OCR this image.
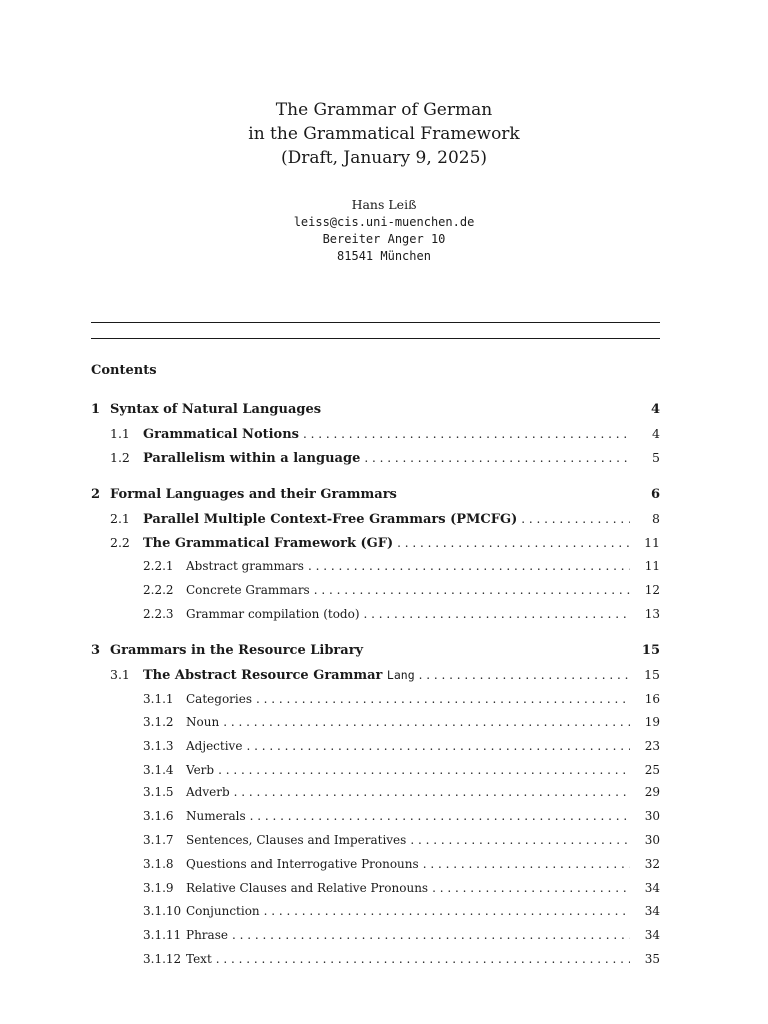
The Grammar of German
in the Grammatical Framework
(Draft, January 9, 2025)
Hans Leiß
leiss@cis.uni-muenchen.de
Bereiter Anger 10
81541 München
Contents
1 Syntax of Natural Languages	4
1.1	Grammatical Notions . . .	4
1.2	Parallelism within a language . . .	5
2 Formal Languages and their Grammars	6
2.1	Parallel Multiple Context-Free Grammars (PMCFG) . . .	8
2.2	The Grammatical Framework (GF) . . .	11
2.2.1	Abstract grammars . . .	11
2.2.2	Concrete Grammars . . .	12
2.2.3	Grammar compilation (todo) . . .	13
3 Grammars in the Resource Library	15
3.1	The Abstract Resource Grammar Lang . . .	15
3.1.1	Categories . . .	16
3.1.2	Noun . . .	19
3.1.3	Adjective . . .	23
3.1.4	Verb . . .	25
3.1.5	Adverb . . .	29
3.1.6	Numerals . . .	30
3.1.7	Sentences, Clauses and Imperatives . . .	30
3.1.8	Questions and Interrogative Pronouns . . .	32
3.1.9	Relative Clauses and Relative Pronouns . . .	34
3.1.10 Conjunction . . .	34
3.1.11 Phrase . . .	34
3.1.12 Text . . .	35
